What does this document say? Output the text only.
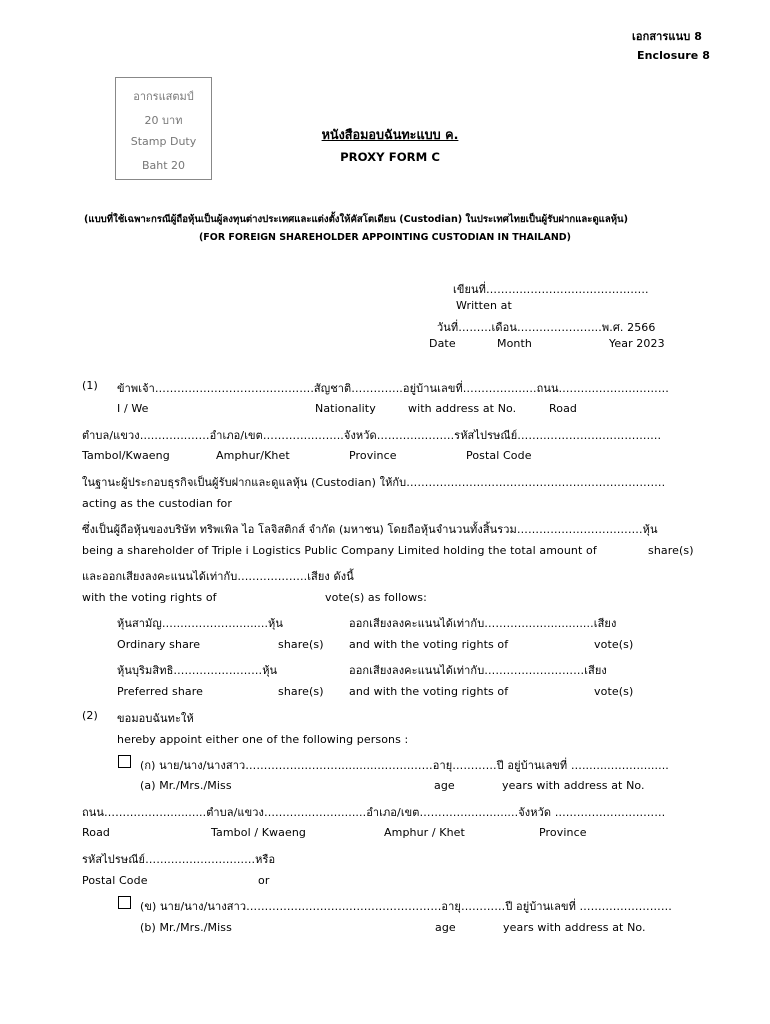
เอกสารแนบ 8
Enclosure 8
อากรแสตมป์
20 บาท
Stamp Duty
Baht 20
หนังสือมอบฉันทะแบบ ค.
PROXY FORM C
(แบบที่ใช้เฉพาะกรณีผู้ถือหุ้นเป็นผู้ลงทุนต่างประเทศและแต่งตั้งให้คัสโตเดียน (Custodian) ในประเทศไทยเป็นผู้รับฝากและดูแลหุ้น)
(FOR FOREIGN SHAREHOLDER APPOINTING CUSTODIAN IN THAILAND)
เขียนที่……………………………………..
Written at
วันที่………เดือน…………………..พ.ศ. 2566
Date	Month	Year 2023
(1) ข้าพเจ้า…………………………………….สัญชาติ…………..อยู่บ้านเลขที่………………..ถนน.……...……..…………
I / We	Nationality	with address at No.	Road
ตำบล/แขวง…..……..……อำเภอ/เขต…………..……..จังหวัด………..……….รหัสไปรษณีย์……..……………………….…
Tambol/Kwaeng	Amphur/Khet	Province	Postal Code
ในฐานะผู้ประกอบธุรกิจเป็นผู้รับฝากและดูแลหุ้น (Custodian) ให้กับ…………………………………………………………….
acting as the custodian for
ซึ่งเป็นผู้ถือหุ้นของบริษัท ทริพเพิล ไอ โลจิสติกส์ จำกัด (มหาชน) โดยถือหุ้นจำนวนทั้งสิ้นรวม…………………………….หุ้น
being a shareholder of Triple i Logistics Public Company Limited holding the total amount of	share(s)
และออกเสียงลงคะแนนได้เท่ากับ……..………..เสียง ดังนี้
with the voting rights of	vote(s) as follows:
หุ้นสามัญ…..…………….........หุ้น	ออกเสียงลงคะแนนได้เท่ากับ…………..….............เสียง
Ordinary share	share(s) and with the voting rights of	vote(s)
หุ้นบุริมสิทธิ……………………หุ้น	ออกเสียงลงคะแนนได้เท่ากับ………………………เสียง
Preferred share	share(s) and with the voting rights of	vote(s)
(2) ขอมอบฉันทะให้
hereby appoint either one of the following persons :
(ก) นาย/นาง/นางสาว……………….……...........……………อายุ…………ปี อยู่บ้านเลขที่ ….........…….........
(a) Mr./Mrs./Miss	age	years with address at No.
ถนน…….…..……..........ตำบล/แขวง……..…..…..….......อำเภอ/เขต……….…...…........จังหวัด …….…………..………
Road	Tambol / Kwaeng	Amphur / Khet	Province
รหัสไปรษณีย์……...……...……...…หรือ
Postal Code	or
(ข) นาย/นาง/นางสาว……………...……...…..…………………อายุ…………ปี อยู่บ้านเลขที่ …….………………
(b) Mr./Mrs./Miss	age	years with address at No.
